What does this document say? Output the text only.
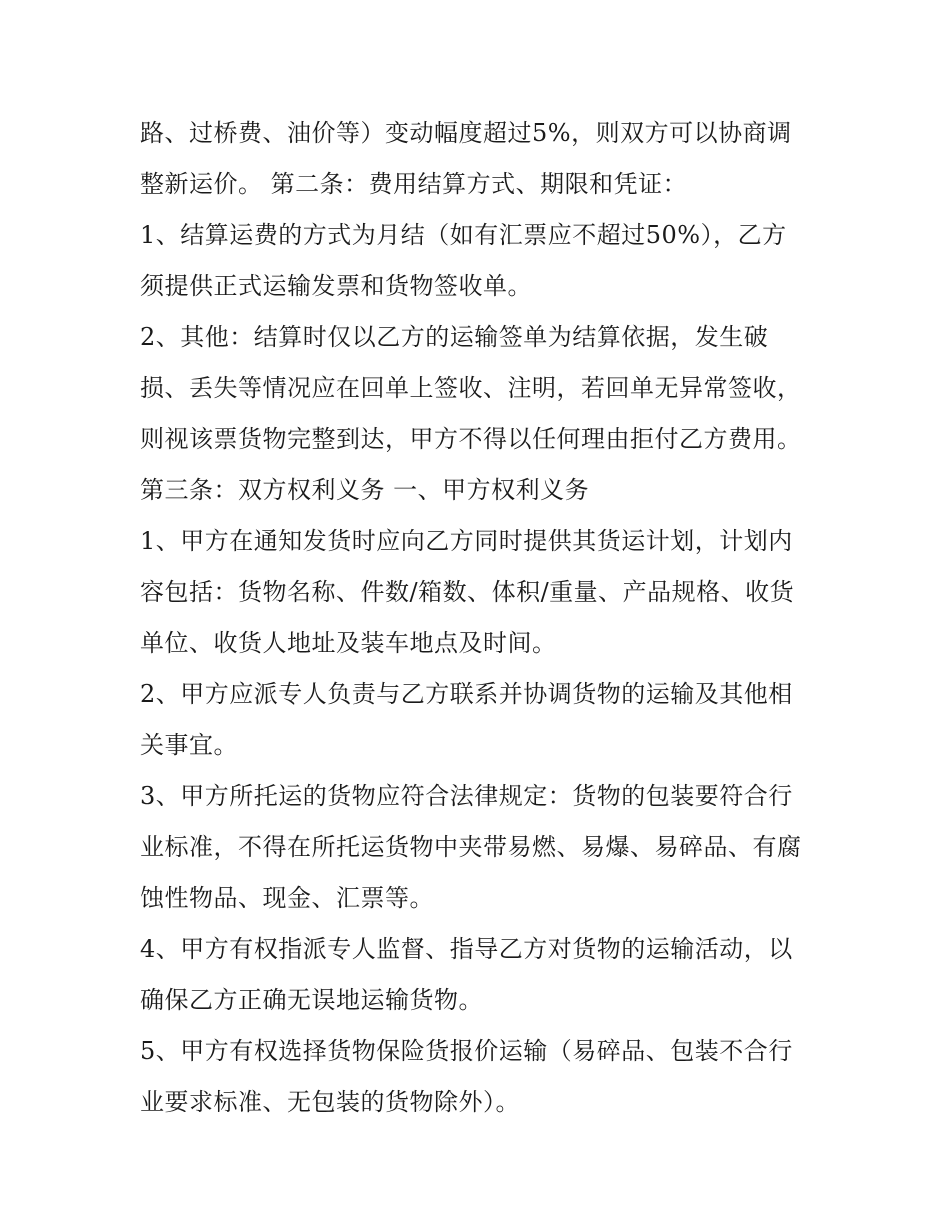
路、过桥费、油价等）变动幅度超过5%，则双方可以协商调
整新运价。 第二条：费用结算方式、期限和凭证：
1、结算运费的方式为月结（如有汇票应不超过50%），乙方
须提供正式运输发票和货物签收单。
2、其他：结算时仅以乙方的运输签单为结算依据，发生破
损、丢失等情况应在回单上签收、注明，若回单无异常签收，
则视该票货物完整到达，甲方不得以任何理由拒付乙方费用。
第三条：双方权利义务 一、甲方权利义务
1、甲方在通知发货时应向乙方同时提供其货运计划，计划内
容包括：货物名称、件数/箱数、体积/重量、产品规格、收货
单位、收货人地址及装车地点及时间。
2、甲方应派专人负责与乙方联系并协调货物的运输及其他相
关事宜。
3、甲方所托运的货物应符合法律规定：货物的包装要符合行
业标准，不得在所托运货物中夹带易燃、易爆、易碎品、有腐
蚀性物品、现金、汇票等。
4、甲方有权指派专人监督、指导乙方对货物的运输活动，以
确保乙方正确无误地运输货物。
5、甲方有权选择货物保险货报价运输（易碎品、包装不合行
业要求标准、无包装的货物除外）。
